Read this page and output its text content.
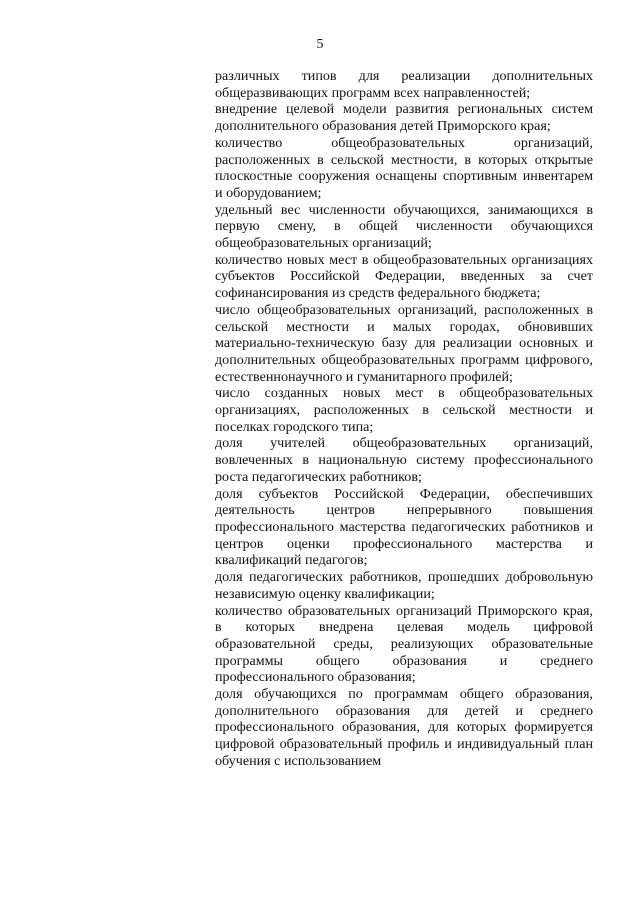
5

различных типов для реализации дополнительных общеразвивающих программ всех направленностей;

внедрение целевой модели развития региональных систем дополнительного образования детей Приморского края;

количество общеобразовательных организаций, расположенных в сельской местности, в которых открытые плоскостные сооружения оснащены спортивным инвентарем и оборудованием;

удельный вес численности обучающихся, занимающихся в первую смену, в общей численности обучающихся общеобразовательных организаций;

количество новых мест в общеобразовательных организациях субъектов Российской Федерации, введенных за счет софинансирования из средств федерального бюджета;

число общеобразовательных организаций, расположенных в сельской местности и малых городах, обновивших материально-техническую базу для реализации основных и дополнительных общеобразовательных программ цифрового, естественнонаучного и гуманитарного профилей;

число созданных новых мест в общеобразовательных организациях, расположенных в сельской местности и поселках городского типа;

доля учителей общеобразовательных организаций, вовлеченных в национальную систему профессионального роста педагогических работников;

доля субъектов Российской Федерации, обеспечивших деятельность центров непрерывного повышения профессионального мастерства педагогических работников и центров оценки профессионального мастерства и квалификаций педагогов;

доля педагогических работников, прошедших добровольную независимую оценку квалификации;

количество образовательных организаций Приморского края, в которых внедрена целевая модель цифровой образовательной среды, реализующих образовательные программы общего образования и среднего профессионального образования;

доля обучающихся по программам общего образования, дополнительного образования для детей и среднего профессионального образования, для которых формируется цифровой образовательный профиль и индивидуальный план обучения с использованием
